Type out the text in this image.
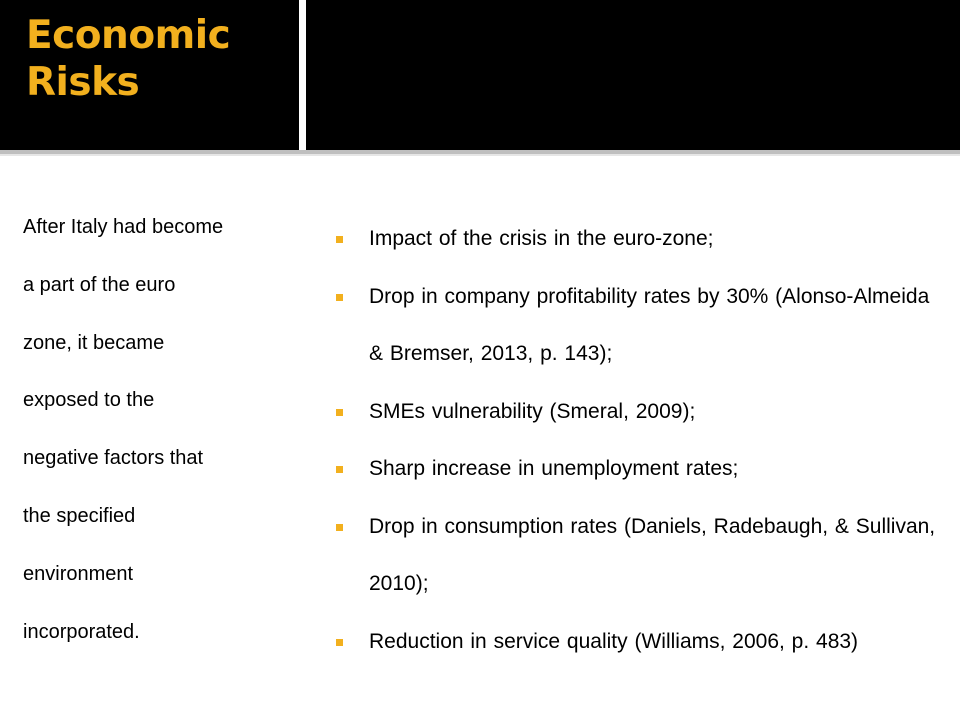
Economic
Risks
After Italy had become
a part of the euro
zone, it became
exposed to the
negative factors that
the specified
environment
incorporated.
Impact of the crisis in the euro-zone;
Drop in company profitability rates by 30% (Alonso-Almeida & Bremser, 2013, p. 143);
SMEs vulnerability (Smeral, 2009);
Sharp increase in unemployment rates;
Drop in consumption rates (Daniels, Radebaugh, & Sullivan, 2010);
Reduction in service quality (Williams, 2006, p. 483)
